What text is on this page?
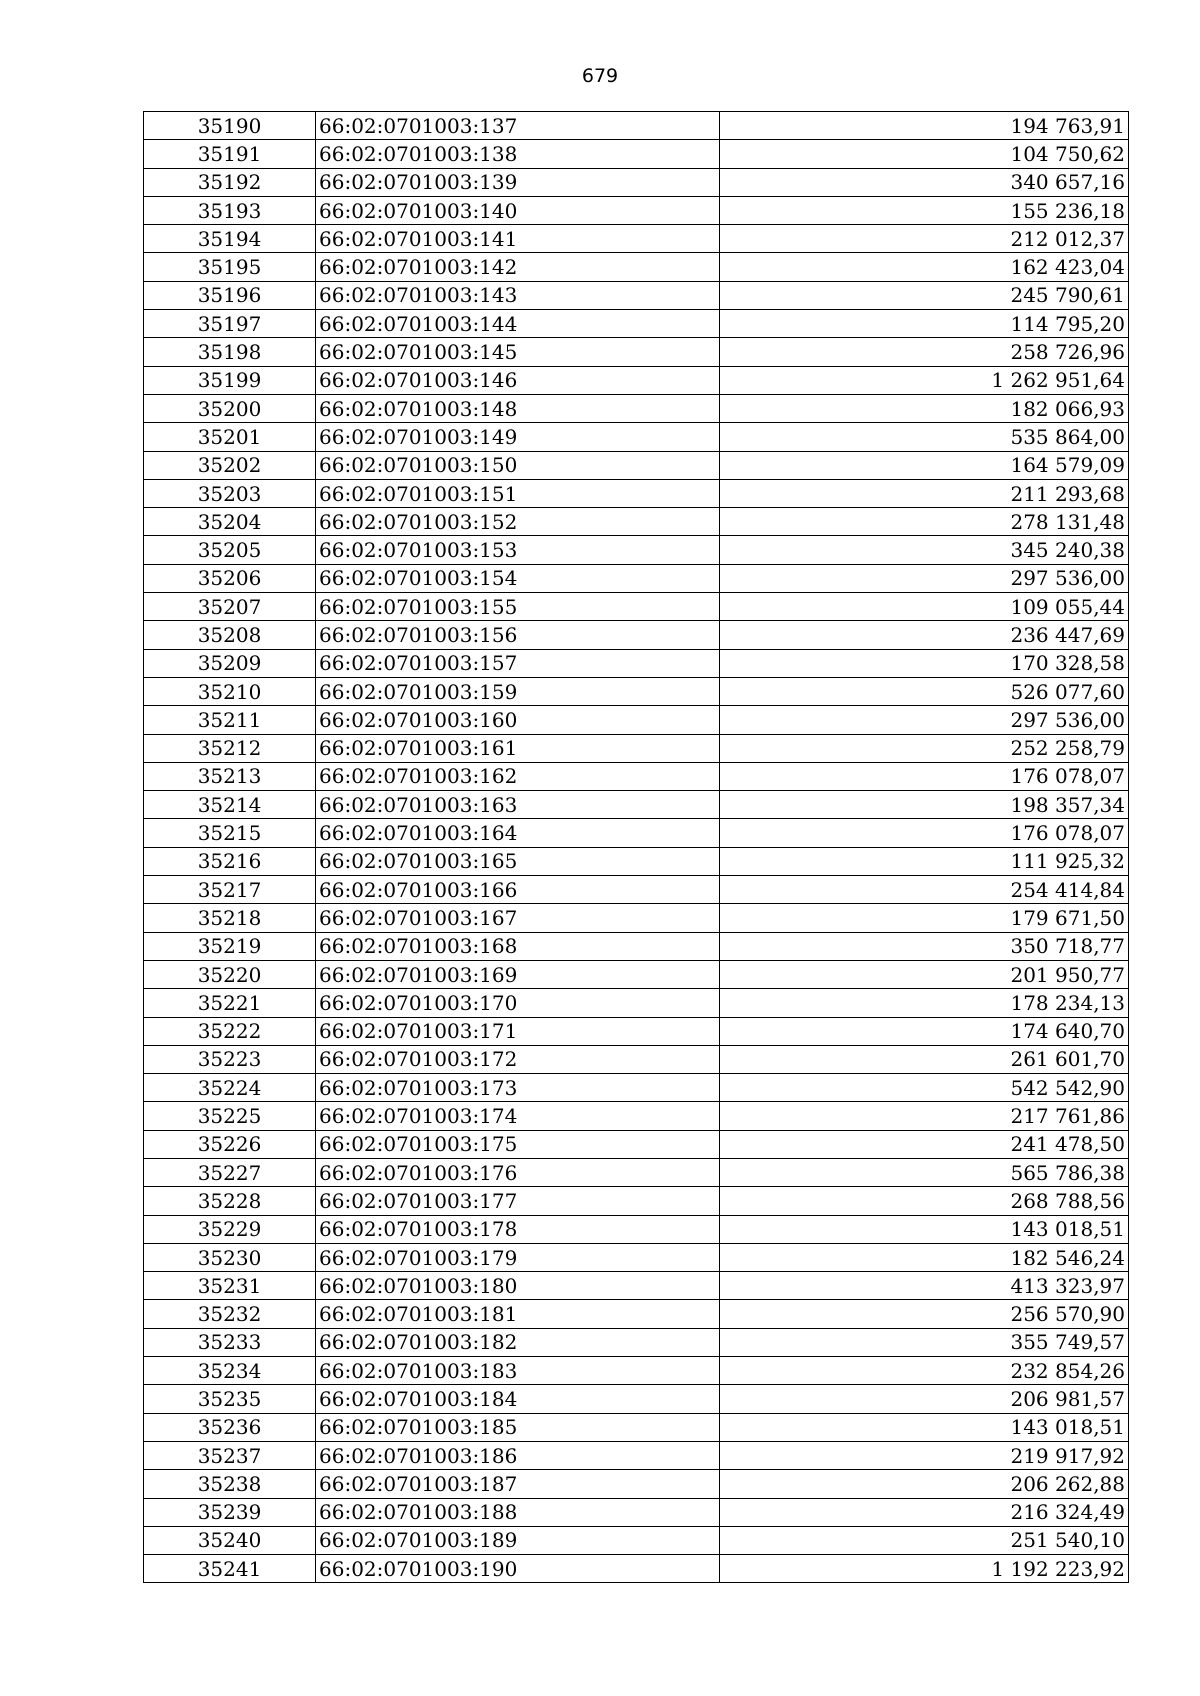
679
35190	66:02:0701003:137	194 763,91
35191	66:02:0701003:138	104 750,62
35192	66:02:0701003:139	340 657,16
35193	66:02:0701003:140	155 236,18
35194	66:02:0701003:141	212 012,37
35195	66:02:0701003:142	162 423,04
35196	66:02:0701003:143	245 790,61
35197	66:02:0701003:144	114 795,20
35198	66:02:0701003:145	258 726,96
35199	66:02:0701003:146	1 262 951,64
35200	66:02:0701003:148	182 066,93
35201	66:02:0701003:149	535 864,00
35202	66:02:0701003:150	164 579,09
35203	66:02:0701003:151	211 293,68
35204	66:02:0701003:152	278 131,48
35205	66:02:0701003:153	345 240,38
35206	66:02:0701003:154	297 536,00
35207	66:02:0701003:155	109 055,44
35208	66:02:0701003:156	236 447,69
35209	66:02:0701003:157	170 328,58
35210	66:02:0701003:159	526 077,60
35211	66:02:0701003:160	297 536,00
35212	66:02:0701003:161	252 258,79
35213	66:02:0701003:162	176 078,07
35214	66:02:0701003:163	198 357,34
35215	66:02:0701003:164	176 078,07
35216	66:02:0701003:165	111 925,32
35217	66:02:0701003:166	254 414,84
35218	66:02:0701003:167	179 671,50
35219	66:02:0701003:168	350 718,77
35220	66:02:0701003:169	201 950,77
35221	66:02:0701003:170	178 234,13
35222	66:02:0701003:171	174 640,70
35223	66:02:0701003:172	261 601,70
35224	66:02:0701003:173	542 542,90
35225	66:02:0701003:174	217 761,86
35226	66:02:0701003:175	241 478,50
35227	66:02:0701003:176	565 786,38
35228	66:02:0701003:177	268 788,56
35229	66:02:0701003:178	143 018,51
35230	66:02:0701003:179	182 546,24
35231	66:02:0701003:180	413 323,97
35232	66:02:0701003:181	256 570,90
35233	66:02:0701003:182	355 749,57
35234	66:02:0701003:183	232 854,26
35235	66:02:0701003:184	206 981,57
35236	66:02:0701003:185	143 018,51
35237	66:02:0701003:186	219 917,92
35238	66:02:0701003:187	206 262,88
35239	66:02:0701003:188	216 324,49
35240	66:02:0701003:189	251 540,10
35241	66:02:0701003:190	1 192 223,92
